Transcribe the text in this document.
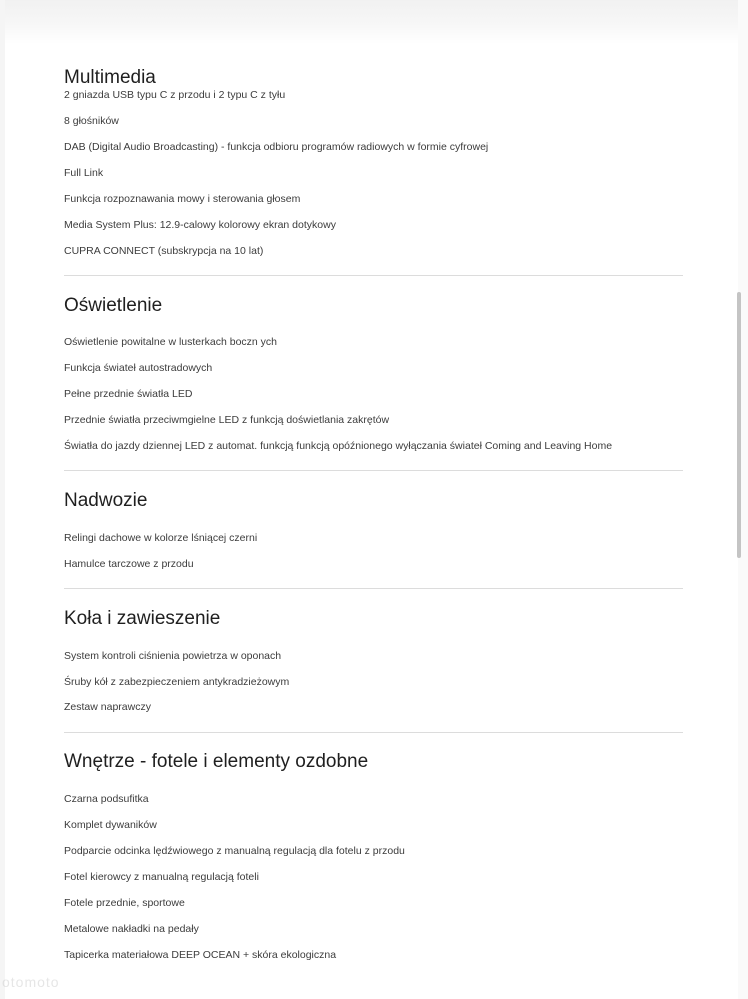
Multimedia
2 gniazda USB typu C z przodu i 2 typu C z tyłu
8 głośników
DAB (Digital Audio Broadcasting) - funkcja odbioru programów radiowych w formie cyfrowej
Full Link
Funkcja rozpoznawania mowy i sterowania głosem
Media System Plus: 12.9-calowy kolorowy ekran dotykowy
CUPRA CONNECT (subskrypcja na 10 lat)
Oświetlenie
Oświetlenie powitalne w lusterkach boczn ych
Funkcja świateł autostradowych
Pełne przednie światła LED
Przednie światła przeciwmgielne LED z funkcją doświetlania zakrętów
Światła do jazdy dziennej LED z automat. funkcją funkcją opóźnionego wyłączania świateł Coming and Leaving Home
Nadwozie
Relingi dachowe w kolorze lśniącej czerni
Hamulce tarczowe z przodu
Koła i zawieszenie
System kontroli ciśnienia powietrza w oponach
Śruby kół z zabezpieczeniem antykradzieżowym
Zestaw naprawczy
Wnętrze - fotele i elementy ozdobne
Czarna podsufitka
Komplet dywaników
Podparcie odcinka lędźwiowego z manualną regulacją dla fotelu z przodu
Fotel kierowcy z manualną regulacją foteli
Fotele przednie, sportowe
Metalowe nakładki na pedały
Tapicerka materiałowa DEEP OCEAN + skóra ekologiczna
otomoto
